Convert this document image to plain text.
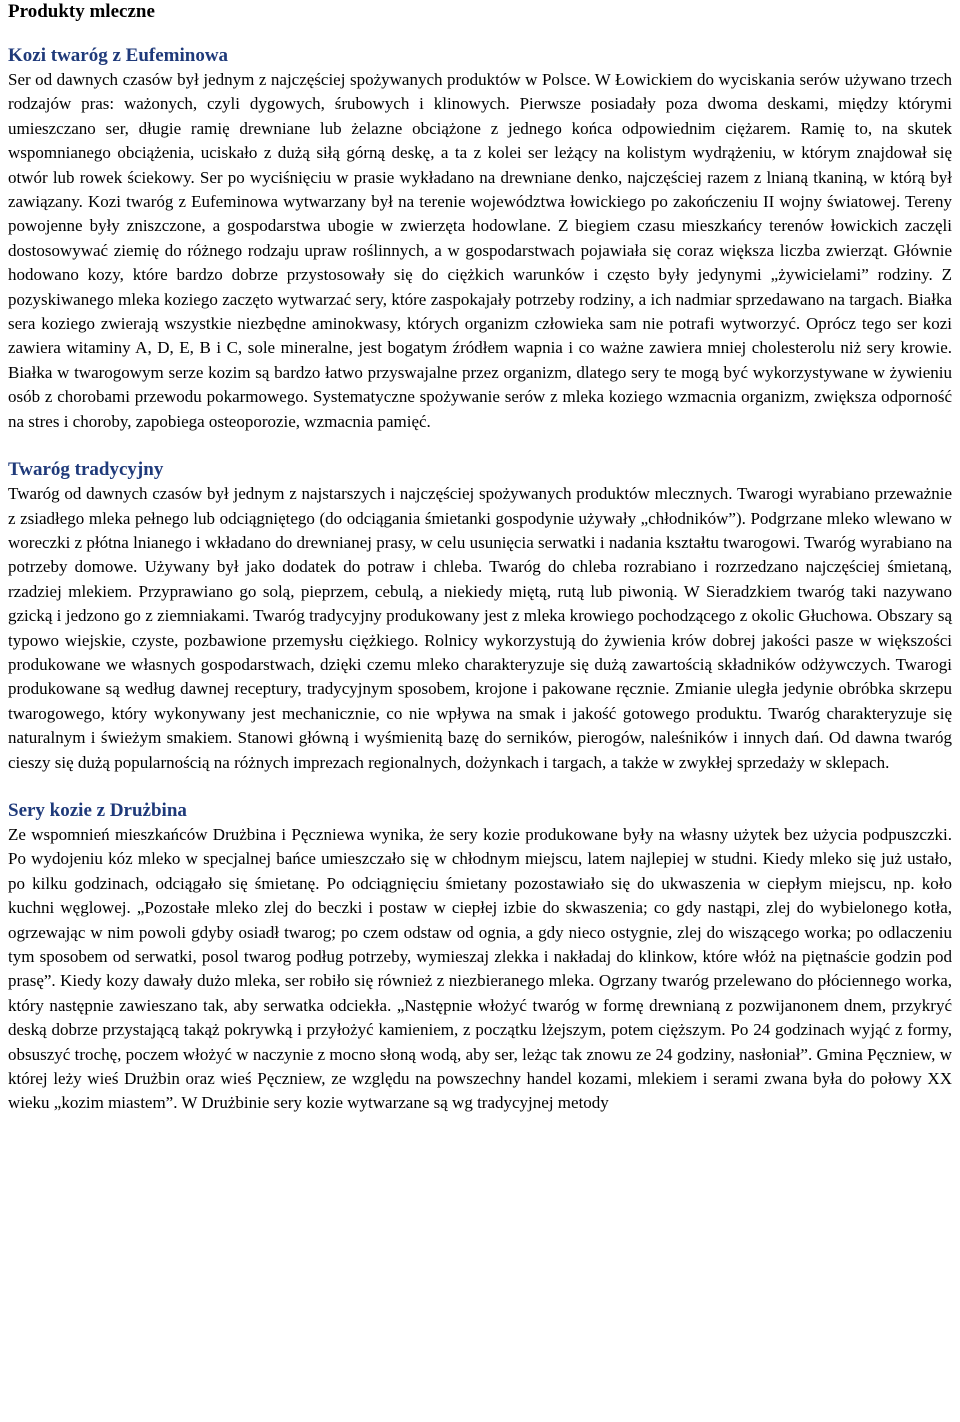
Produkty mleczne
Kozi twaróg z Eufeminowa

Ser od dawnych czasów był jednym z najczęściej spożywanych produktów w Polsce. W Łowickiem do wyciskania serów używano trzech rodzajów pras: ważonych, czyli dygowych, śrubowych i klinowych. Pierwsze posiadały poza dwoma deskami, między którymi umieszczano ser, długie ramię drewniane lub żelazne obciążone z jednego końca odpowiednim ciężarem. Ramię to, na skutek wspomnianego obciążenia, uciskało z dużą siłą górną deskę, a ta z kolei ser leżący na kolistym wydrążeniu, w którym znajdował się otwór lub rowek ściekowy. Ser po wyciśnięciu w prasie wykładano na drewniane denko, najczęściej razem z lnianą tkaniną, w którą był zawiązany. Kozi twaróg z Eufeminowa wytwarzany był na terenie województwa łowickiego po zakończeniu II wojny światowej. Tereny powojenne były zniszczone, a gospodarstwa ubogie w zwierzęta hodowlane. Z biegiem czasu mieszkańcy terenów łowickich zaczęli dostosowywać ziemię do różnego rodzaju upraw roślinnych, a w gospodarstwach pojawiała się coraz większa liczba zwierząt. Głównie hodowano kozy, które bardzo dobrze przystosowały się do ciężkich warunków i często były jedynymi „żywicielami” rodziny. Z pozyskiwanego mleka koziego zaczęto wytwarzać sery, które zaspokajały potrzeby rodziny, a ich nadmiar sprzedawano na targach. Białka sera koziego zwierają wszystkie niezbędne aminokwasy, których organizm człowieka sam nie potrafi wytworzyć. Oprócz tego ser kozi zawiera witaminy A, D, E, B i C, sole mineralne, jest bogatym źródłem wapnia i co ważne zawiera mniej cholesterolu niż sery krowie. Białka w twarogowym serze kozim są bardzo łatwo przyswajalne przez organizm, dlatego sery te mogą być wykorzystywane w żywieniu osób z chorobami przewodu pokarmowego. Systematyczne spożywanie serów z mleka koziego wzmacnia organizm, zwiększa odporność na stres i choroby, zapobiega osteoporozie, wzmacnia pamięć.

Twaróg tradycyjny

Twaróg od dawnych czasów był jednym z najstarszych i najczęściej spożywanych produktów mlecznych. Twarogi wyrabiano przeważnie z zsiadłego mleka pełnego lub odciągniętego (do odciągania śmietanki gospodynie używały „chłodników”). Podgrzane mleko wlewano w woreczki z płótna lnianego i wkładano do drewnianej prasy, w celu usunięcia serwatki i nadania kształtu twarogowi. Twaróg wyrabiano na potrzeby domowe. Używany był jako dodatek do potraw i chleba. Twaróg do chleba rozrabiano i rozrzedzano najczęściej śmietaną, rzadziej mlekiem. Przyprawiano go solą, pieprzem, cebulą, a niekiedy miętą, rutą lub piwonią. W Sieradzkiem twaróg taki nazywano gzicką i jedzono go z ziemniakami. Twaróg tradycyjny produkowany jest z mleka krowiego pochodzącego z okolic Głuchowa. Obszary są typowo wiejskie, czyste, pozbawione przemysłu ciężkiego. Rolnicy wykorzystują do żywienia krów dobrej jakości pasze w większości produkowane we własnych gospodarstwach, dzięki czemu mleko charakteryzuje się dużą zawartością składników odżywczych. Twarogi produkowane są według dawnej receptury, tradycyjnym sposobem, krojone i pakowane ręcznie. Zmianie uległa jedynie obróbka skrzepu twarogowego, który wykonywany jest mechanicznie, co nie wpływa na smak i jakość gotowego produktu. Twaróg charakteryzuje się naturalnym i świeżym smakiem. Stanowi główną i wyśmienitą bazę do serników, pierogów, naleśników i innych dań. Od dawna twaróg cieszy się dużą popularnością na różnych imprezach regionalnych, dożynkach i targach, a także w zwykłej sprzedaży w sklepach.

Sery kozie z Drużbina

Ze wspomnień mieszkańców Drużbina i Pęczniewa wynika, że sery kozie produkowane były na własny użytek bez użycia podpuszczki. Po wydojeniu kóz mleko w specjalnej bańce umieszczało się w chłodnym miejscu, latem najlepiej w studni. Kiedy mleko się już ustało, po kilku godzinach, odciągało się śmietanę. Po odciągnięciu śmietany pozostawiało się do ukwaszenia w ciepłym miejscu, np. koło kuchni węglowej. „Pozostałe mleko zlej do beczki i postaw w ciepłej izbie do skwaszenia; co gdy nastąpi, zlej do wybielonego kotła, ogrzewając w nim powoli gdyby osiadł twarog; po czem odstaw od ognia, a gdy nieco ostygnie, zlej do wiszącego worka; po odlaczeniu tym sposobem od serwatki, posol twarog podług potrzeby, wymieszaj zlekka i nakładaj do klinkow, które włóż na piętnaście godzin pod prasę”. Kiedy kozy dawały dużo mleka, ser robiło się również z niezbieranego mleka. Ogrzany twaróg przelewano do płóciennego worka, który następnie zawieszano tak, aby serwatka odciekła. „Następnie włożyć twaróg w formę drewnianą z pozwijanonem dnem, przykryć deską dobrze przystającą takąż pokrywką i przyłożyć kamieniem, z początku lżejszym, potem cięższym. Po 24 godzinach wyjąć z formy, obsuszyć trochę, poczem włożyć w naczynie z mocno słoną wodą, aby ser, leżąc tak znowu ze 24 godziny, nasłoniał”. Gmina Pęczniew, w której leży wieś Drużbin oraz wieś Pęczniew, ze względu na powszechny handel kozami, mlekiem i serami zwana była do połowy XX wieku „kozim miastem”. W Drużbinie sery kozie wytwarzane są wg tradycyjnej metody
